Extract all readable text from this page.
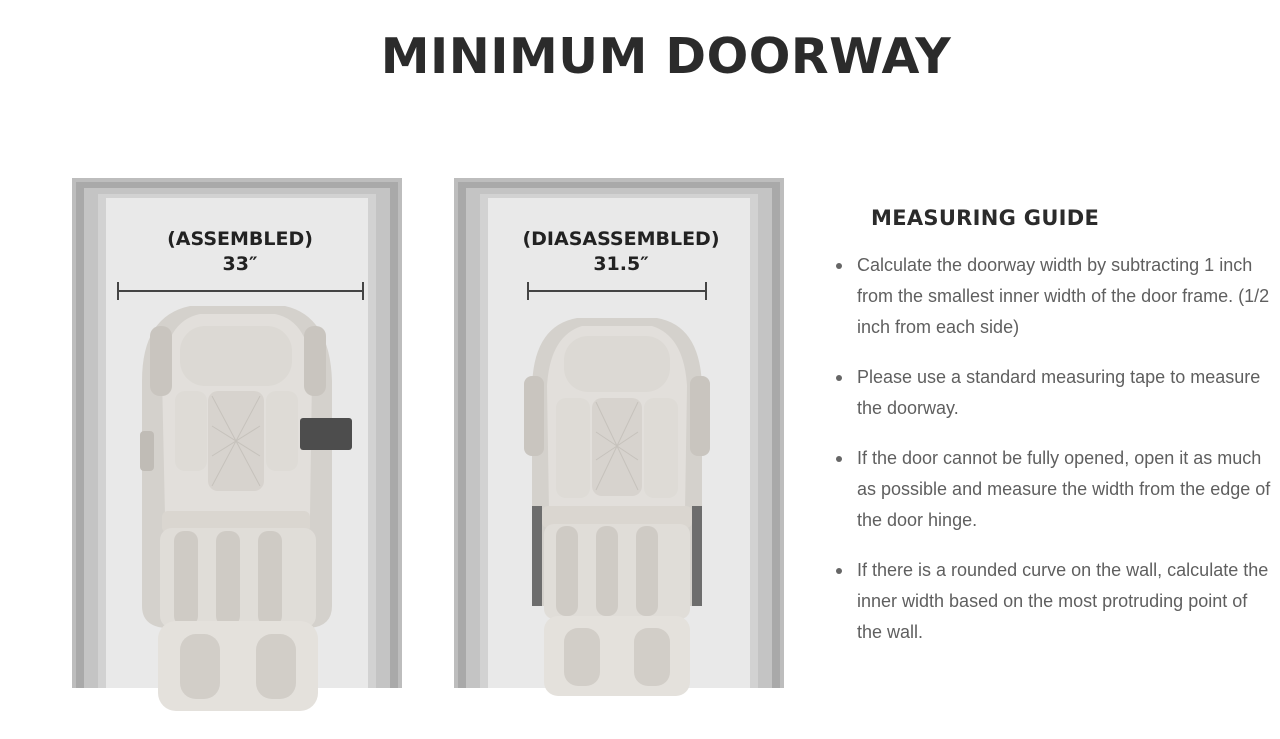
MINIMUM DOORWAY

(ASSEMBLED)
33″

(DIASASSEMBLED)
31.5″

MEASURING GUIDE
Calculate the doorway width by subtracting 1 inch from the smallest inner width of the door frame. (1/2 inch from each side)
Please use a standard measuring tape to measure the doorway.
If the door cannot be fully opened, open it as much as possible and measure the width from the edge of the door hinge.
If there is a rounded curve on the wall, calculate the inner width based on the most protruding point of the wall.
